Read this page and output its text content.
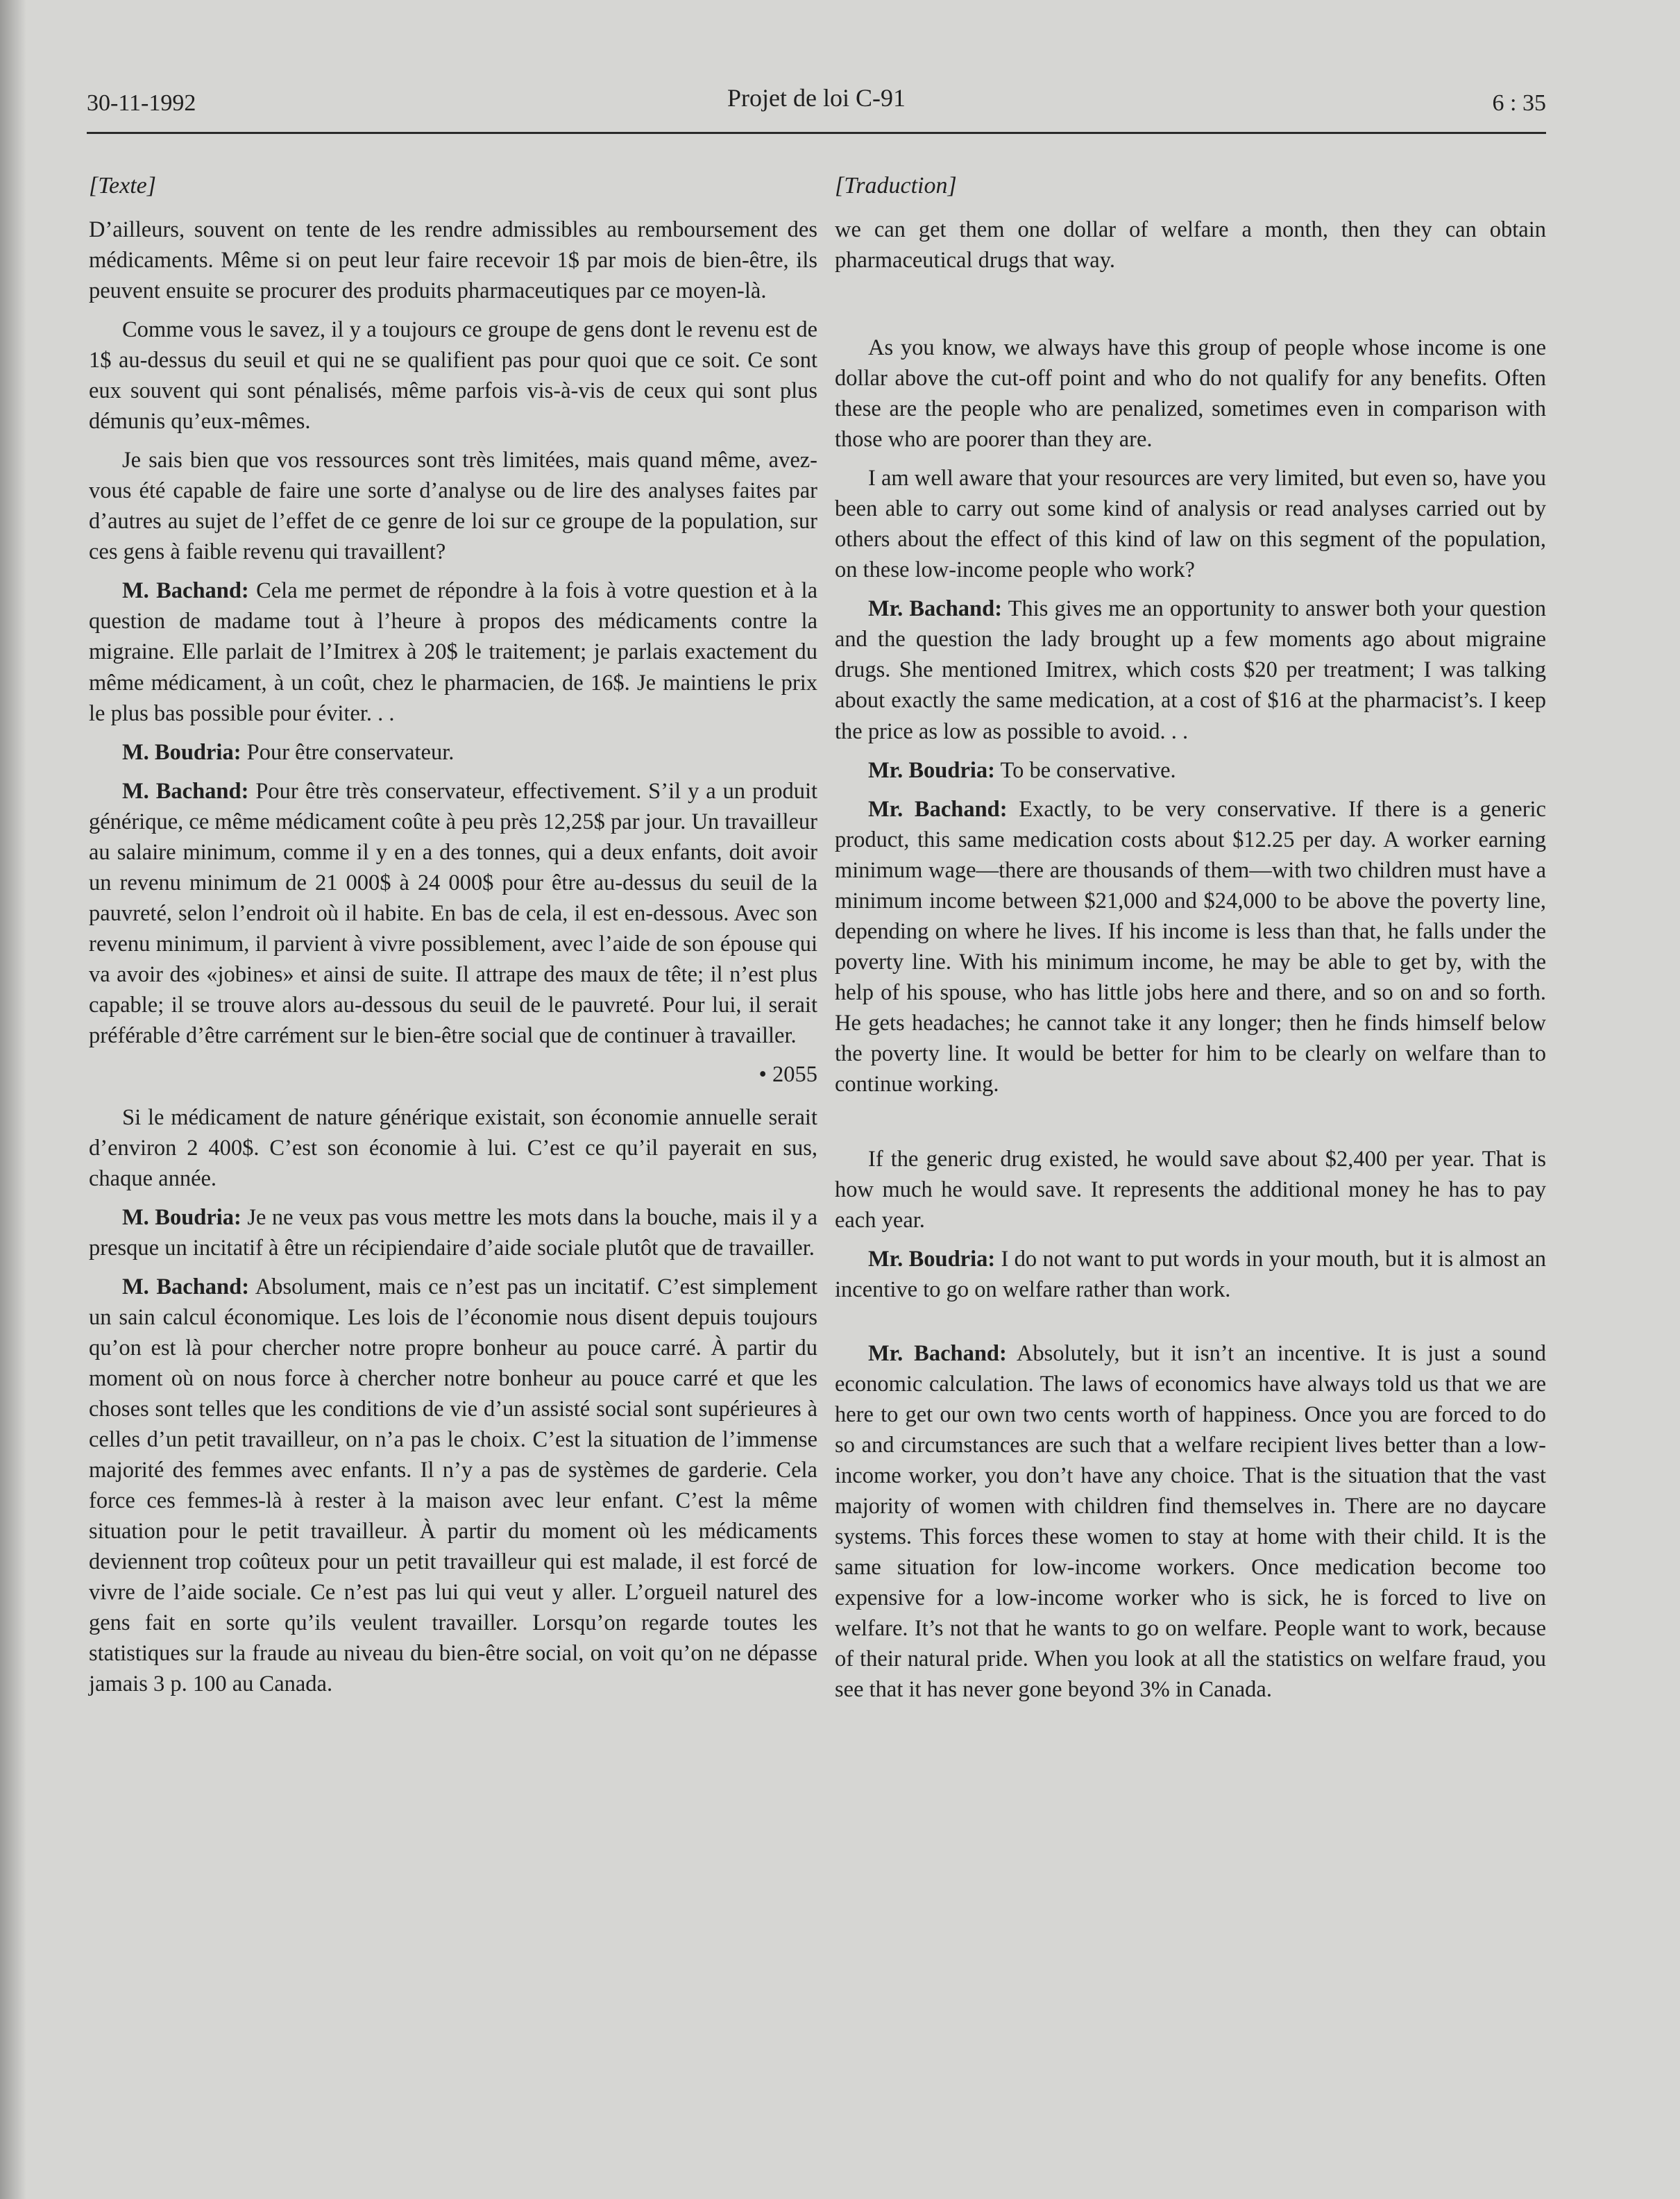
30-11-1992	Projet de loi C-91	6 : 35
[Texte]

D’ailleurs, souvent on tente de les rendre admissibles au remboursement des médicaments. Même si on peut leur faire recevoir 1$ par mois de bien-être, ils peuvent ensuite se procurer des produits pharmaceutiques par ce moyen-là.

Comme vous le savez, il y a toujours ce groupe de gens dont le revenu est de 1$ au-dessus du seuil et qui ne se qualifient pas pour quoi que ce soit. Ce sont eux souvent qui sont pénalisés, même parfois vis-à-vis de ceux qui sont plus démunis qu’eux-mêmes.

Je sais bien que vos ressources sont très limitées, mais quand même, avez-vous été capable de faire une sorte d’analyse ou de lire des analyses faites par d’autres au sujet de l’effet de ce genre de loi sur ce groupe de la population, sur ces gens à faible revenu qui travaillent?

M. Bachand: Cela me permet de répondre à la fois à votre question et à la question de madame tout à l’heure à propos des médicaments contre la migraine. Elle parlait de l’Imitrex à 20$ le traitement; je parlais exactement du même médicament, à un coût, chez le pharmacien, de 16$. Je maintiens le prix le plus bas possible pour éviter. . .

M. Boudria: Pour être conservateur.

M. Bachand: Pour être très conservateur, effectivement. S’il y a un produit générique, ce même médicament coûte à peu près 12,25$ par jour. Un travailleur au salaire minimum, comme il y en a des tonnes, qui a deux enfants, doit avoir un revenu minimum de 21 000$ à 24 000$ pour être au-dessus du seuil de la pauvreté, selon l’endroit où il habite. En bas de cela, il est en-dessous. Avec son revenu minimum, il parvient à vivre possiblement, avec l’aide de son épouse qui va avoir des «jobines» et ainsi de suite. Il attrape des maux de tête; il n’est plus capable; il se trouve alors au-dessous du seuil de le pauvreté. Pour lui, il serait préférable d’être carrément sur le bien-être social que de continuer à travailler.

• 2055

Si le médicament de nature générique existait, son économie annuelle serait d’environ 2 400$. C’est son économie à lui. C’est ce qu’il payerait en sus, chaque année.

M. Boudria: Je ne veux pas vous mettre les mots dans la bouche, mais il y a presque un incitatif à être un récipiendaire d’aide sociale plutôt que de travailler.

M. Bachand: Absolument, mais ce n’est pas un incitatif. C’est simplement un sain calcul économique. Les lois de l’économie nous disent depuis toujours qu’on est là pour chercher notre propre bonheur au pouce carré. À partir du moment où on nous force à chercher notre bonheur au pouce carré et que les choses sont telles que les conditions de vie d’un assisté social sont supérieures à celles d’un petit travailleur, on n’a pas le choix. C’est la situation de l’immense majorité des femmes avec enfants. Il n’y a pas de systèmes de garderie. Cela force ces femmes-là à rester à la maison avec leur enfant. C’est la même situation pour le petit travailleur. À partir du moment où les médicaments deviennent trop coûteux pour un petit travailleur qui est malade, il est forcé de vivre de l’aide sociale. Ce n’est pas lui qui veut y aller. L’orgueil naturel des gens fait en sorte qu’ils veulent travailler. Lorsqu’on regarde toutes les statistiques sur la fraude au niveau du bien-être social, on voit qu’on ne dépasse jamais 3 p. 100 au Canada.

[Traduction]

we can get them one dollar of welfare a month, then they can obtain pharmaceutical drugs that way.

As you know, we always have this group of people whose income is one dollar above the cut-off point and who do not qualify for any benefits. Often these are the people who are penalized, sometimes even in comparison with those who are poorer than they are.

I am well aware that your resources are very limited, but even so, have you been able to carry out some kind of analysis or read analyses carried out by others about the effect of this kind of law on this segment of the population, on these low-income people who work?

Mr. Bachand: This gives me an opportunity to answer both your question and the question the lady brought up a few moments ago about migraine drugs. She mentioned Imitrex, which costs $20 per treatment; I was talking about exactly the same medication, at a cost of $16 at the pharmacist’s. I keep the price as low as possible to avoid. . .

Mr. Boudria: To be conservative.

Mr. Bachand: Exactly, to be very conservative. If there is a generic product, this same medication costs about $12.25 per day. A worker earning minimum wage—there are thousands of them—with two children must have a minimum income between $21,000 and $24,000 to be above the poverty line, depending on where he lives. If his income is less than that, he falls under the poverty line. With his minimum income, he may be able to get by, with the help of his spouse, who has little jobs here and there, and so on and so forth. He gets headaches; he cannot take it any longer; then he finds himself below the poverty line. It would be better for him to be clearly on welfare than to continue working.

If the generic drug existed, he would save about $2,400 per year. That is how much he would save. It represents the additional money he has to pay each year.

Mr. Boudria: I do not want to put words in your mouth, but it is almost an incentive to go on welfare rather than work.

Mr. Bachand: Absolutely, but it isn’t an incentive. It is just a sound economic calculation. The laws of economics have always told us that we are here to get our own two cents worth of happiness. Once you are forced to do so and circumstances are such that a welfare recipient lives better than a low-income worker, you don’t have any choice. That is the situation that the vast majority of women with children find themselves in. There are no daycare systems. This forces these women to stay at home with their child. It is the same situation for low-income workers. Once medication become too expensive for a low-income worker who is sick, he is forced to live on welfare. It’s not that he wants to go on welfare. People want to work, because of their natural pride. When you look at all the statistics on welfare fraud, you see that it has never gone beyond 3% in Canada.
